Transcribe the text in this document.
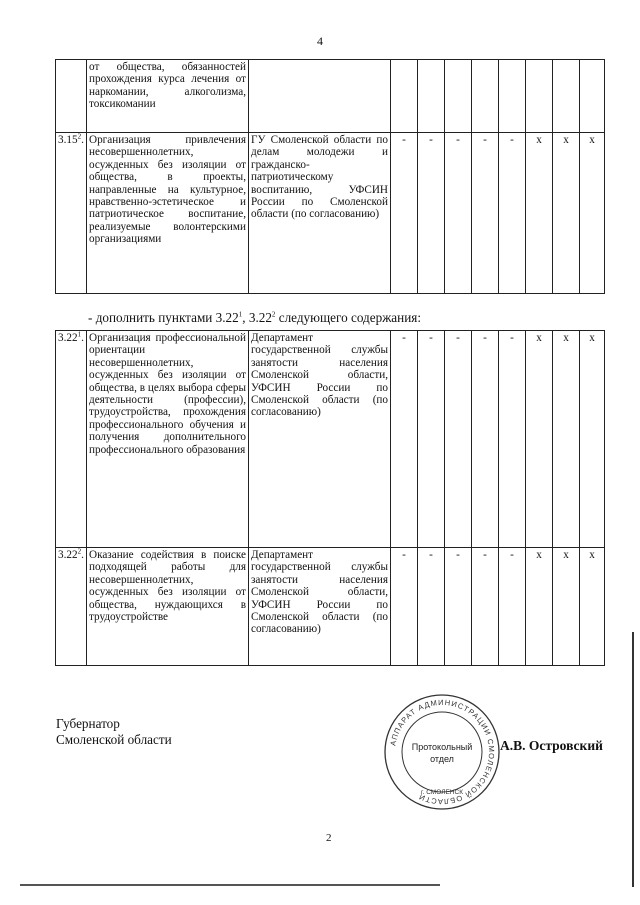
4
	от общества, обязанностей прохождения курса лечения от наркомании, алкоголизма, токсикомании									
3.15$^2$.	Организация привлечения несовершеннолетних, осужденных без изоляции от общества, в проекты, направленные на культурное, нравственно-эстетическое и патриотическое воспитание, реализуемые волонтерскими организациями	ГУ Смоленской области по делам молодежи и гражданско-патриотическому воспитанию, УФСИН России по Смоленской области (по согласованию)	-	-	-	-	-	х	х	х
- дополнить пунктами 3.22$^1$, 3.22$^2$ следующего содержания:
3.22$^1$.	Организация профессиональной ориентации несовершеннолетних, осужденных без изоляции от общества, в целях выбора сферы деятельности (профессии), трудоустройства, прохождения профессионального обучения и получения дополнительного профессионального образования	Департамент государственной службы занятости населения Смоленской области, УФСИН России по Смоленской области (по согласованию)	-	-	-	-	-	х	х	х
3.22$^2$.	Оказание содействия в поиске подходящей работы для несовершеннолетних, осужденных без изоляции от общества, нуждающихся в трудоустройстве	Департамент государственной службы занятости населения Смоленской области, УФСИН России по Смоленской области (по согласованию)	-	-	-	-	-	х	х	х
Губернатор
Смоленской области	АППАРАТ АДМИНИСТРАЦИИ СМОЛЕНСКОЙ ОБЛАСТИ
г. СМОЛЕНСК
Протокольный
отдел
А.В. Островский
2
